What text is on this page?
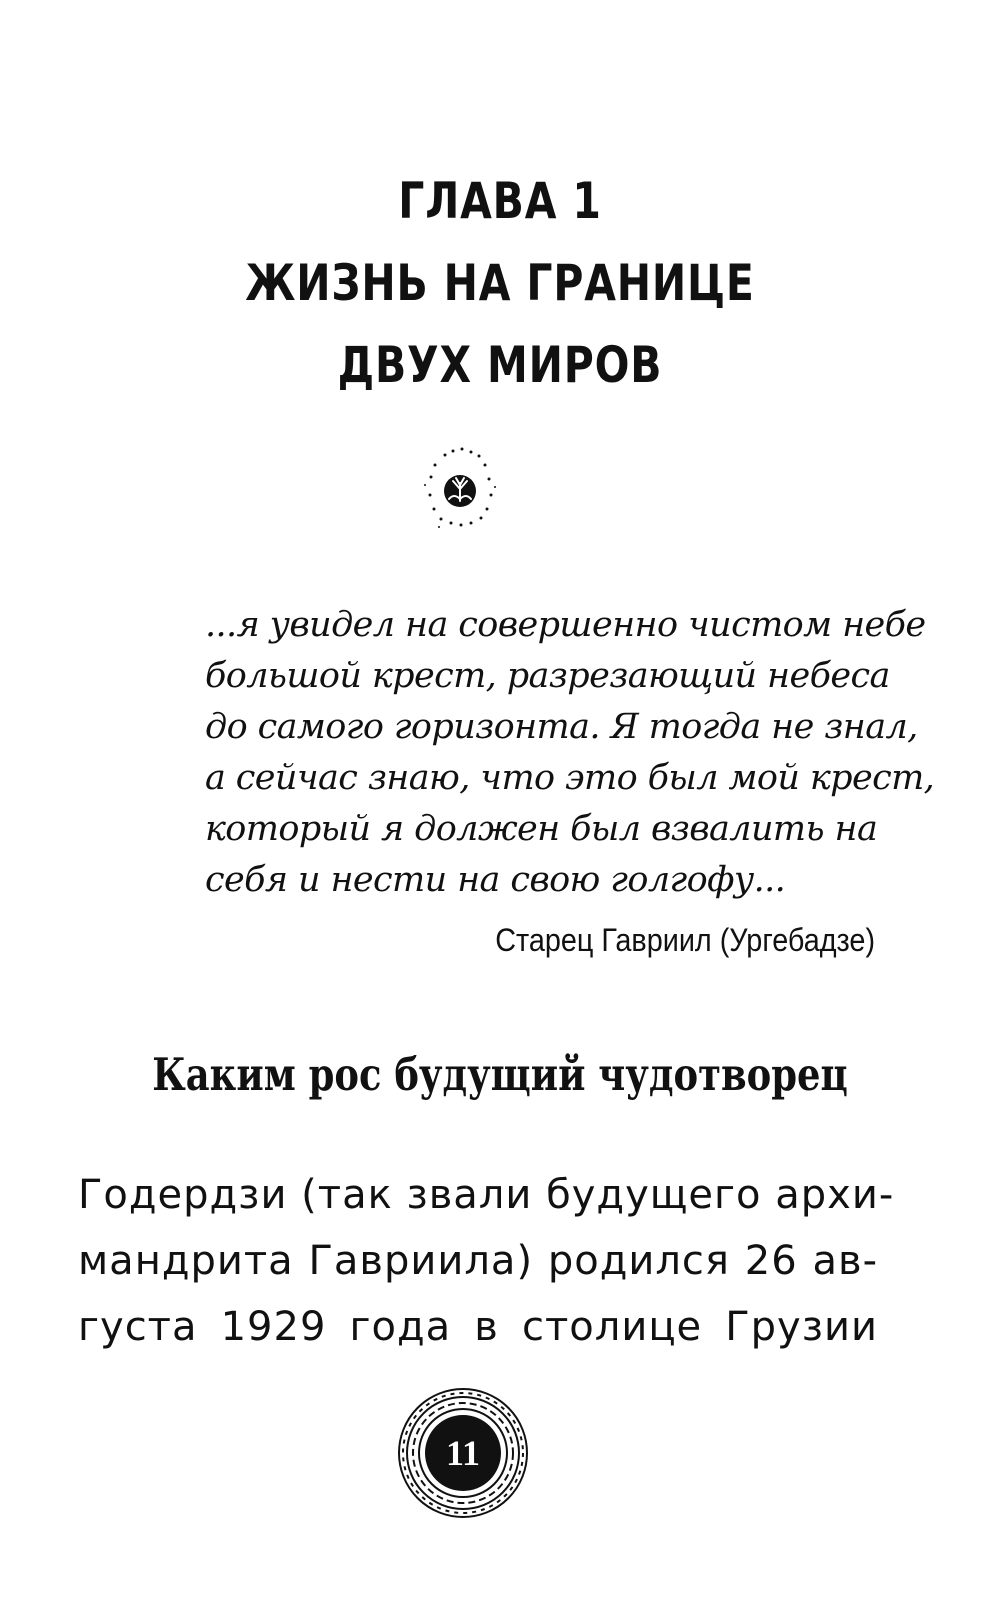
ГЛАВА 1
ЖИЗНЬ НА ГРАНИЦЕ
ДВУХ МИРОВ
...я увидел на совершенно чистом небе
большой крест, разрезающий небеса
до самого горизонта. Я тогда не знал,
а сейчас знаю, что это был мой крест,
который я должен был взвалить на
себя и нести на свою голгофу...
Старец Гавриил (Ургебадзе)
Каким рос будущий чудотворец
Годердзи (так звали будущего архи-
мандрита Гавриила) родился 26 ав-
густа 1929 года в столице Грузии
11
